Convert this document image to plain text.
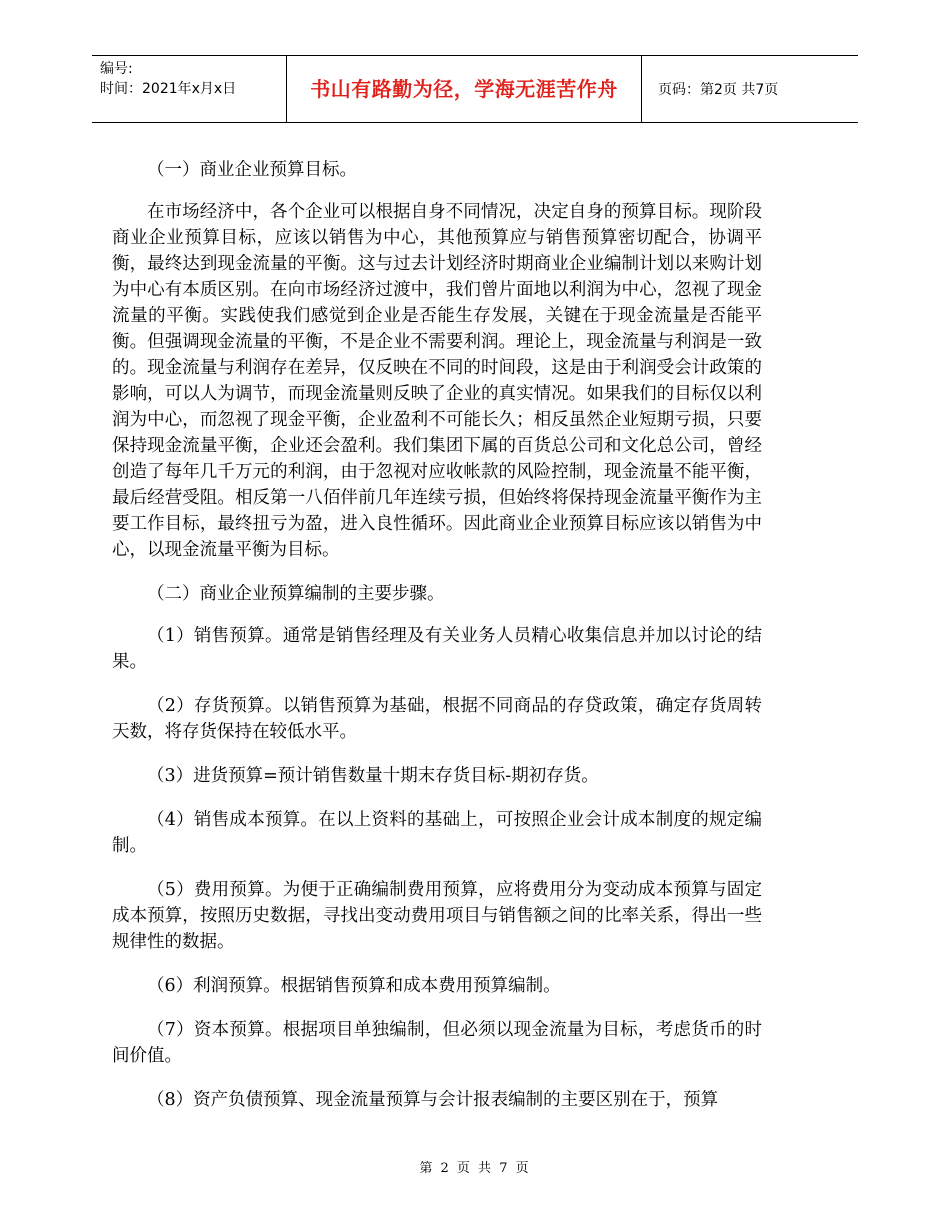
编号:
时间：2021年x月x日	书山有路勤为径，学海无涯苦作舟	页码：第2页 共7页

（一）商业企业预算目标。

在市场经济中，各个企业可以根据自身不同情况，决定自身的预算目标。现阶段商业企业预算目标，应该以销售为中心，其他预算应与销售预算密切配合，协调平衡，最终达到现金流量的平衡。这与过去计划经济时期商业企业编制计划以来购计划为中心有本质区别。在向市场经济过渡中，我们曾片面地以利润为中心，忽视了现金流量的平衡。实践使我们感觉到企业是否能生存发展，关键在于现金流量是否能平衡。但强调现金流量的平衡，不是企业不需要利润。理论上，现金流量与利润是一致的。现金流量与利润存在差异，仅反映在不同的时间段，这是由于利润受会计政策的影响，可以人为调节，而现金流量则反映了企业的真实情况。如果我们的目标仅以利润为中心，而忽视了现金平衡，企业盈利不可能长久；相反虽然企业短期亏损，只要保持现金流量平衡，企业还会盈利。我们集团下属的百货总公司和文化总公司，曾经创造了每年几千万元的利润，由于忽视对应收帐款的风险控制，现金流量不能平衡，最后经营受阻。相反第一八佰伴前几年连续亏损，但始终将保持现金流量平衡作为主要工作目标，最终扭亏为盈，进入良性循环。因此商业企业预算目标应该以销售为中心，以现金流量平衡为目标。

（二）商业企业预算编制的主要步骤。

（1）销售预算。通常是销售经理及有关业务人员精心收集信息并加以讨论的结果。

（2）存货预算。以销售预算为基础，根据不同商品的存贷政策，确定存货周转天数，将存货保持在较低水平。

（3）进货预算=预计销售数量十期末存货目标-期初存货。

（4）销售成本预算。在以上资料的基础上，可按照企业会计成本制度的规定编制。

（5）费用预算。为便于正确编制费用预算，应将费用分为变动成本预算与固定成本预算，按照历史数据，寻找出变动费用项目与销售额之间的比率关系，得出一些规律性的数据。

（6）利润预算。根据销售预算和成本费用预算编制。

（7）资本预算。根据项目单独编制，但必须以现金流量为目标，考虑货币的时间价值。

（8）资产负债预算、现金流量预算与会计报表编制的主要区别在于，预算

第 2 页 共 7 页
